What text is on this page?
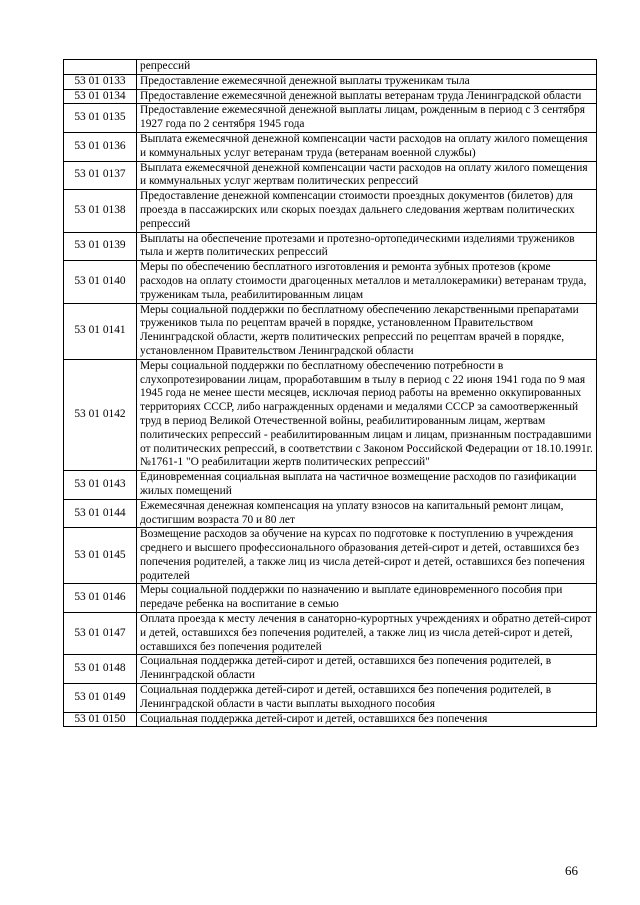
	репрессий
53 01 0133	Предоставление ежемесячной денежной выплаты труженикам тыла
53 01 0134	Предоставление ежемесячной денежной выплаты ветеранам труда Ленинградской области
53 01 0135	Предоставление ежемесячной денежной выплаты лицам, рожденным в период с 3 сентября 1927 года по 2 сентября 1945 года
53 01 0136	Выплата ежемесячной денежной компенсации части расходов на оплату жилого помещения и коммунальных услуг ветеранам труда (ветеранам военной службы)
53 01 0137	Выплата ежемесячной денежной компенсации части расходов на оплату жилого помещения и коммунальных услуг жертвам политических репрессий
53 01 0138	Предоставление денежной компенсации стоимости проездных документов (билетов) для проезда в пассажирских или скорых поездах дальнего следования жертвам политических репрессий
53 01 0139	Выплаты на обеспечение протезами и протезно-ортопедическими изделиями тружеников тыла и жертв политических репрессий
53 01 0140	Меры по обеспечению бесплатного изготовления и ремонта зубных протезов (кроме расходов на оплату стоимости драгоценных металлов и металлокерамики) ветеранам труда, труженикам тыла, реабилитированным лицам
53 01 0141	Меры социальной поддержки по бесплатному обеспечению лекарственными препаратами тружеников тыла по рецептам врачей в порядке, установленном Правительством Ленинградской области, жертв политических репрессий по рецептам врачей в порядке, установленном Правительством Ленинградской области
53 01 0142	Меры социальной поддержки по бесплатному обеспечению потребности в слухопротезировании лицам, проработавшим в тылу в период с 22 июня 1941 года по 9 мая 1945 года не менее шести месяцев, исключая период работы на временно оккупированных территориях СССР, либо награжденных орденами и медалями СССР за самоотверженный труд в период Великой Отечественной войны, реабилитированным лицам, жертвам политических репрессий - реабилитированным лицам и лицам, признанным пострадавшими от политических репрессий, в соответствии с Законом Российской Федерации от 18.10.1991г. №1761-1 "О реабилитации жертв политических репрессий"
53 01 0143	Единовременная социальная выплата на частичное возмещение расходов по газификации жилых помещений
53 01 0144	Ежемесячная денежная компенсация на уплату взносов на капитальный ремонт лицам, достигшим возраста 70 и 80 лет
53 01 0145	Возмещение расходов за обучение на курсах по подготовке к поступлению в учреждения среднего и высшего профессионального образования детей-сирот и детей, оставшихся без попечения родителей, а также лиц из числа детей-сирот и детей, оставшихся без попечения родителей
53 01 0146	Меры социальной поддержки по назначению и выплате единовременного пособия при передаче ребенка на воспитание в семью
53 01 0147	Оплата проезда к месту лечения в санаторно-курортных учреждениях и обратно детей-сирот и детей, оставшихся без попечения родителей, а также лиц из числа детей-сирот и детей, оставшихся без попечения родителей
53 01 0148	Социальная поддержка детей-сирот и детей, оставшихся без попечения родителей, в Ленинградской области
53 01 0149	Социальная поддержка детей-сирот и детей, оставшихся без попечения родителей, в Ленинградской области в части выплаты выходного пособия
53 01 0150	Социальная поддержка детей-сирот и детей, оставшихся без попечения
66
